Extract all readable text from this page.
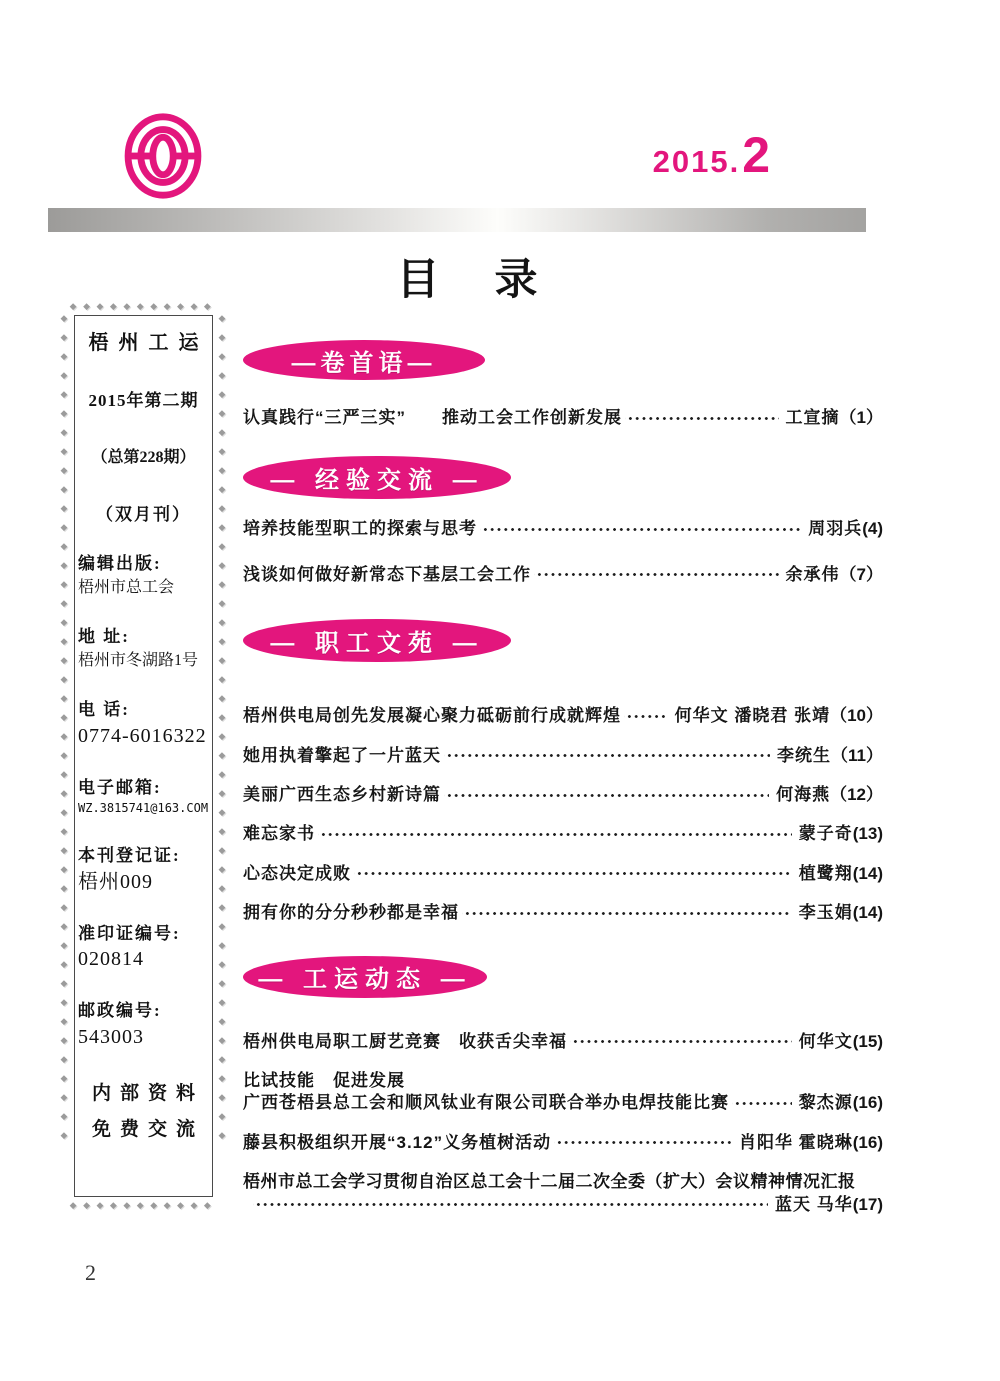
2015. 2
目　录
◆◆◆◆◆◆◆◆◆◆◆
◆◆◆◆◆◆◆◆◆◆◆
◆◆◆◆◆◆◆◆◆◆◆◆◆◆◆◆◆◆◆◆◆◆◆◆◆◆◆◆◆◆◆◆◆◆◆◆◆◆◆◆◆◆◆◆	◆◆◆◆◆◆◆◆◆◆◆◆◆◆◆◆◆◆◆◆◆◆◆◆◆◆◆◆◆◆◆◆◆◆◆◆◆◆◆◆◆◆◆◆
梧州工运
2015年第二期
（总第228期）
（双月刊）
编辑出版:
梧州市总工会
地 址:
梧州市冬湖路1号
电 话:
0774-6016322
电子邮箱:
WZ.3815741@163.COM
本刊登记证:
梧州009
准印证编号:
020814
邮政编号:
543003
内部资料
免费交流
—卷首语—
认真践行“三严三实”　　推动工会工作创新发展	工宣摘 （1）
— 经验交流 —
培养技能型职工的探索与思考	周羽兵 (4)
浅谈如何做好新常态下基层工会工作	余承伟 （7）
— 职工文苑 —
梧州供电局创先发展凝心聚力砥砺前行成就辉煌	何华文 潘晓君 张靖 （10）
她用执着擎起了一片蓝天	李统生 （11）
美丽广西生态乡村新诗篇	何海燕 （12）
难忘家书	蒙子奇 (13)
心态决定成败	植鹭翔 (14)
拥有你的分分秒秒都是幸福	李玉娟 (14)
— 工运动态 —
梧州供电局职工厨艺竞赛　收获舌尖幸福	何华文 (15)
比试技能　促进发展
广西苍梧县总工会和顺风钛业有限公司联合举办电焊技能比赛	黎杰源 (16)
藤县积极组织开展“3.12”义务植树活动	肖阳华 霍晓琳 (16)
梧州市总工会学习贯彻自治区总工会十二届二次全委（扩大）会议精神情况汇报
蓝天 马华 (17)
2
